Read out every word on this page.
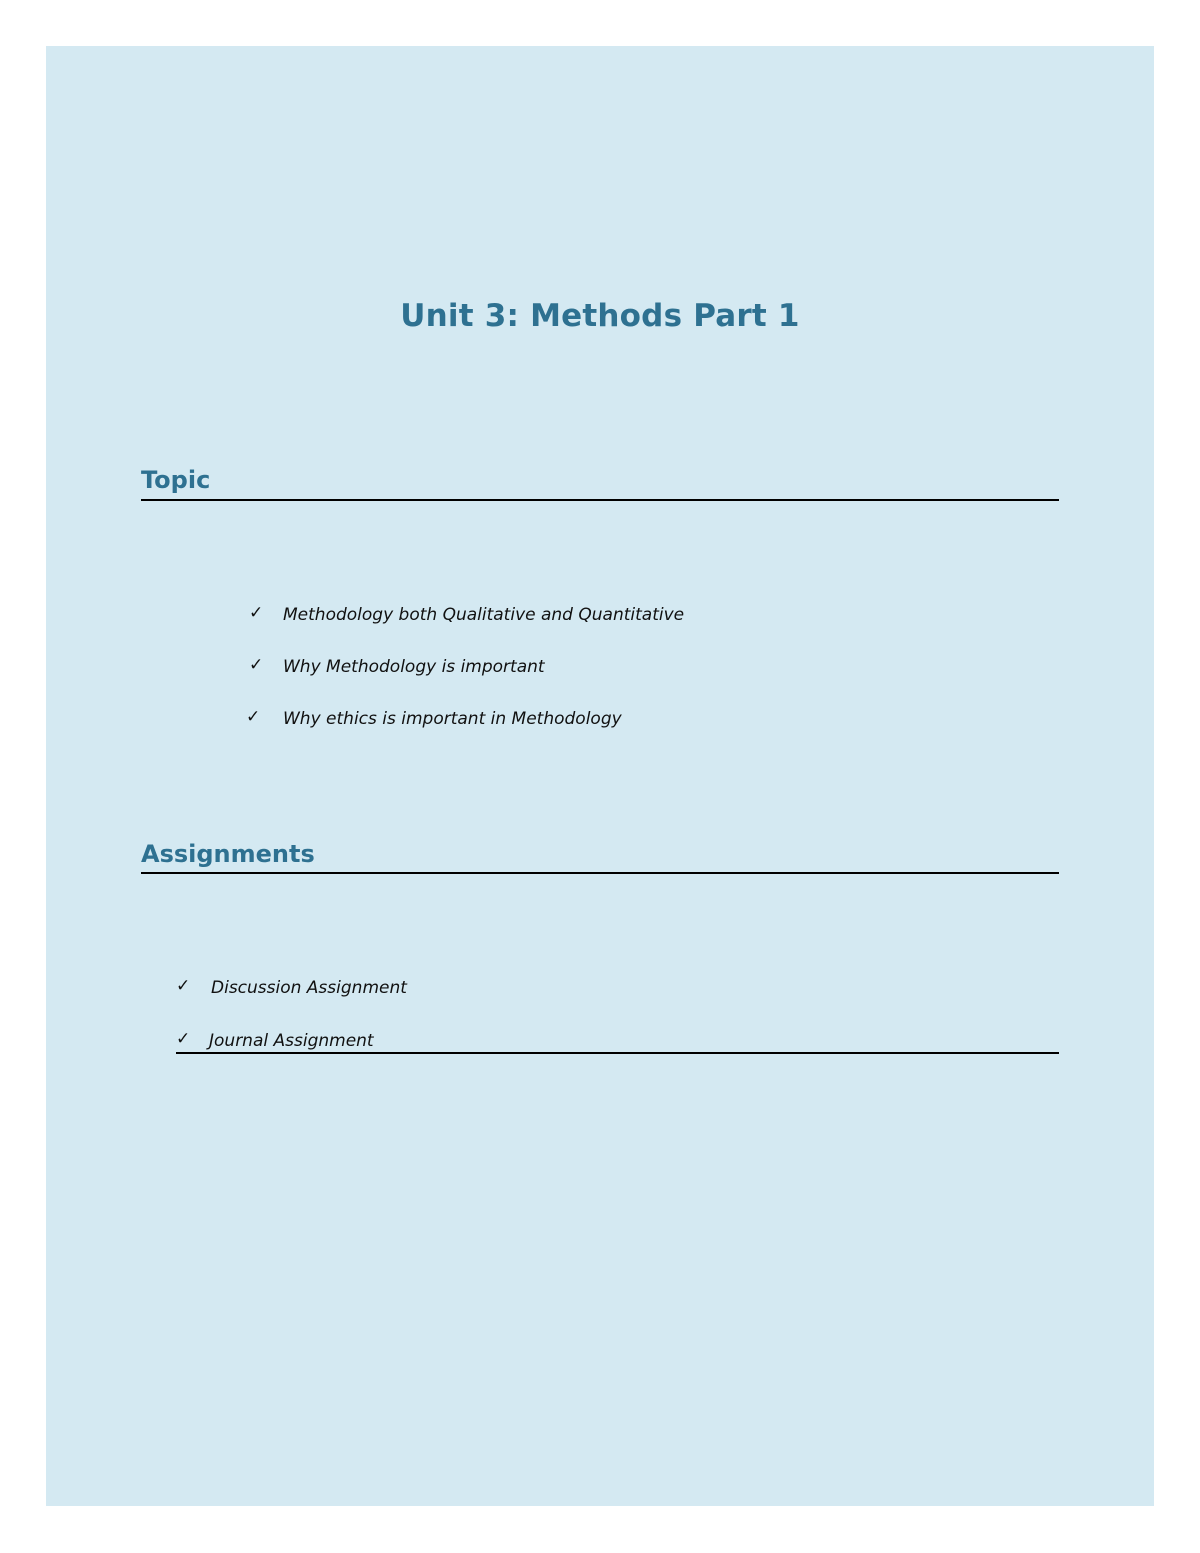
Unit 3: Methods Part 1
Topic
✓ Methodology both Qualitative and Quantitative
✓ Why Methodology is important
✓ Why ethics is important in Methodology
Assignments
✓ Discussion Assignment
✓ Journal Assignment
